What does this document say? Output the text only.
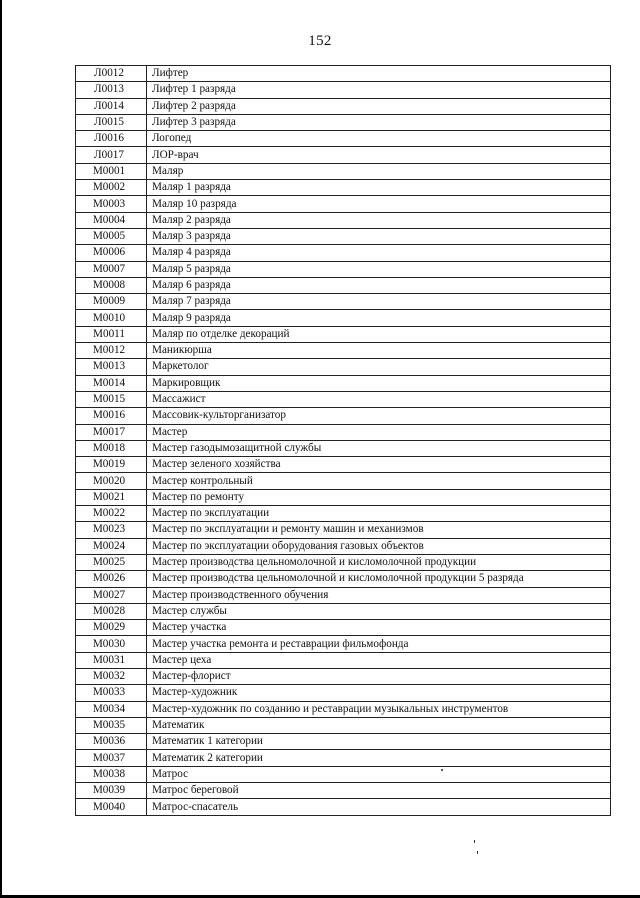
152
Л0012	Лифтер
Л0013	Лифтер 1 разряда
Л0014	Лифтер 2 разряда
Л0015	Лифтер 3 разряда
Л0016	Логопед
Л0017	ЛОР-врач
М0001	Маляр
М0002	Маляр 1 разряда
М0003	Маляр 10 разряда
М0004	Маляр 2 разряда
М0005	Маляр 3 разряда
М0006	Маляр 4 разряда
М0007	Маляр 5 разряда
М0008	Маляр 6 разряда
М0009	Маляр 7 разряда
М0010	Маляр 9 разряда
М0011	Маляр по отделке декораций
М0012	Маникюрша
М0013	Маркетолог
М0014	Маркировщик
М0015	Массажист
М0016	Массовик-культорганизатор
М0017	Мастер
М0018	Мастер газодымозащитной службы
М0019	Мастер зеленого хозяйства
М0020	Мастер контрольный
М0021	Мастер по ремонту
М0022	Мастер по эксплуатации
М0023	Мастер по эксплуатации и ремонту машин и механизмов
М0024	Мастер по эксплуатации оборудования газовых объектов
М0025	Мастер производства цельномолочной и кисломолочной продукции
М0026	Мастер производства цельномолочной и кисломолочной продукции 5 разряда
М0027	Мастер производственного обучения
М0028	Мастер службы
М0029	Мастер участка
М0030	Мастер участка ремонта и реставрации фильмофонда
М0031	Мастер цеха
М0032	Мастер-флорист
М0033	Мастер-художник
М0034	Мастер-художник по созданию и реставрации музыкальных инструментов
М0035	Математик
М0036	Математик 1 категории
М0037	Математик 2 категории
М0038	Матрос
М0039	Матрос береговой
М0040	Матрос-спасатель
